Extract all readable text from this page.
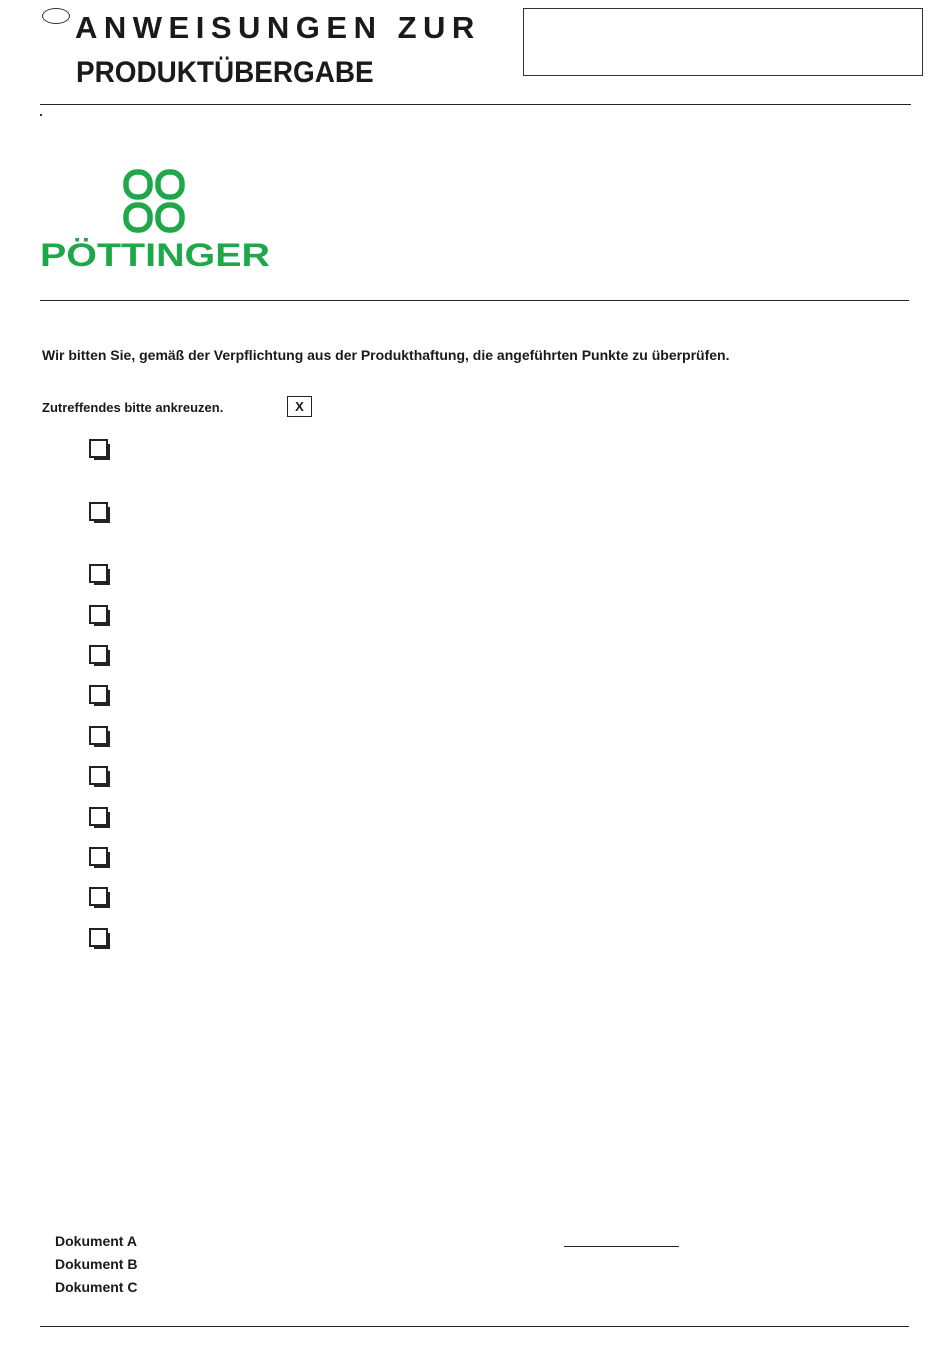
ANWEISUNGEN ZUR
PRODUKTÜBERGABE
PÖTTINGER
Wir bitten Sie, gemäß der Verpflichtung aus der Produkthaftung, die angeführten Punkte zu überprüfen.
Zutreffendes bitte ankreuzen.	X
Dokument A
Dokument B
Dokument C
